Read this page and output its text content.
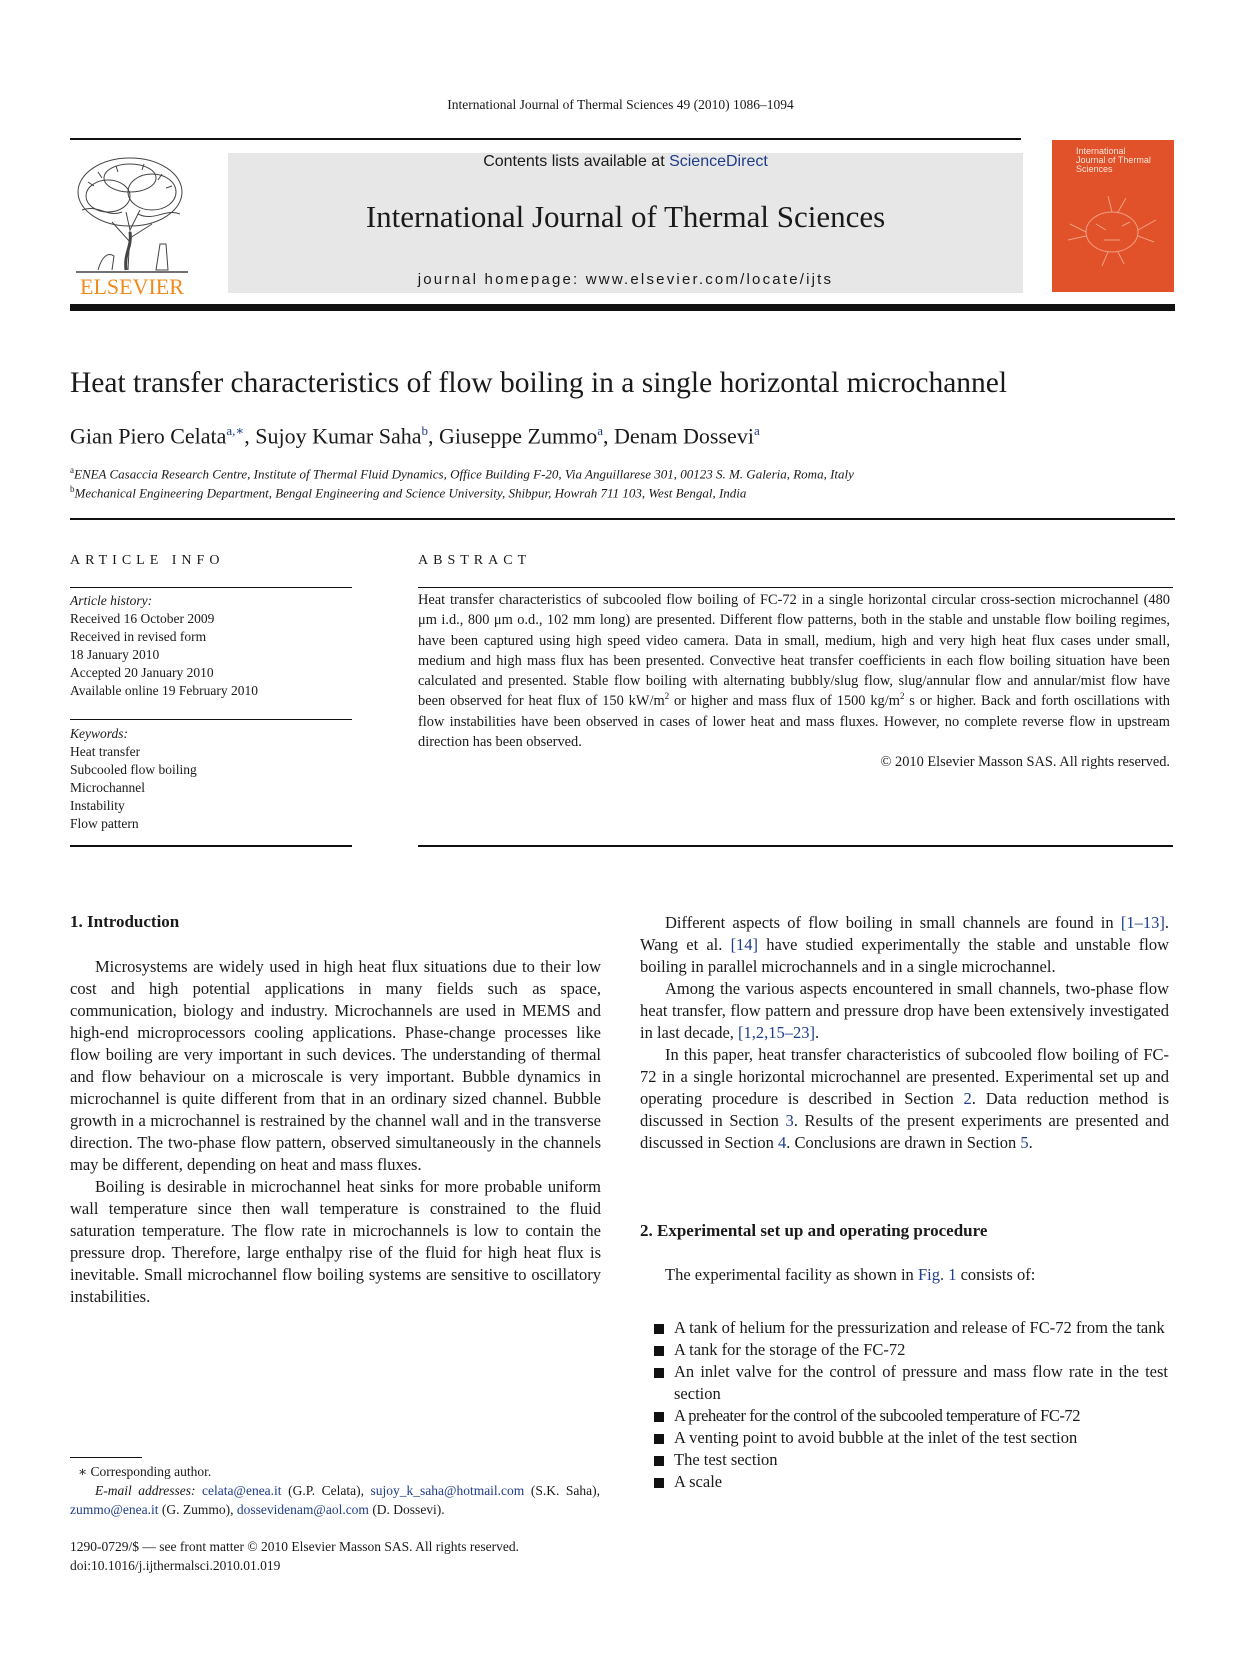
International Journal of Thermal Sciences 49 (2010) 1086–1094
ELSEVIER
Contents lists available at ScienceDirect
International Journal of Thermal Sciences
journal homepage: www.elsevier.com/locate/ijts
International Journal of Thermal Sciences
Heat transfer characteristics of flow boiling in a single horizontal microchannel
Gian Piero Celata$^{a,∗}$, Sujoy Kumar Saha$^b$, Giuseppe Zummo$^a$, Denam Dossevi$^a$
$^a$ENEA Casaccia Research Centre, Institute of Thermal Fluid Dynamics, Office Building F-20, Via Anguillarese 301, 00123 S. M. Galeria, Roma, Italy
$^b$Mechanical Engineering Department, Bengal Engineering and Science University, Shibpur, Howrah 711 103, West Bengal, India
ARTICLE INFO
Article history:
Received 16 October 2009
Received in revised form
18 January 2010
Accepted 20 January 2010
Available online 19 February 2010
Keywords:
Heat transfer
Subcooled flow boiling
Microchannel
Instability
Flow pattern
ABSTRACT
Heat transfer characteristics of subcooled flow boiling of FC-72 in a single horizontal circular cross-section microchannel (480 μm i.d., 800 μm o.d., 102 mm long) are presented. Different flow patterns, both in the stable and unstable flow boiling regimes, have been captured using high speed video camera. Data in small, medium, high and very high heat flux cases under small, medium and high mass flux has been presented. Convective heat transfer coefficients in each flow boiling situation have been calculated and presented. Stable flow boiling with alternating bubbly/slug flow, slug/annular flow and annular/mist flow have been observed for heat flux of 150 $kW/m^2$ or higher and mass flux of 1500 $kg/m^2$ s or higher. Back and forth oscillations with flow instabilities have been observed in cases of lower heat and mass fluxes. However, no complete reverse flow in upstream direction has been observed.
© 2010 Elsevier Masson SAS. All rights reserved.
1. Introduction

Microsystems are widely used in high heat flux situations due to their low cost and high potential applications in many fields such as space, communication, biology and industry. Microchannels are used in MEMS and high-end microprocessors cooling applications. Phase-change processes like flow boiling are very important in such devices. The understanding of thermal and flow behaviour on a microscale is very important. Bubble dynamics in microchannel is quite different from that in an ordinary sized channel. Bubble growth in a microchannel is restrained by the channel wall and in the transverse direction. The two-phase flow pattern, observed simultaneously in the channels may be different, depending on heat and mass fluxes.

Boiling is desirable in microchannel heat sinks for more probable uniform wall temperature since then wall temperature is constrained to the fluid saturation temperature. The flow rate in microchannels is low to contain the pressure drop. Therefore, large enthalpy rise of the fluid for high heat flux is inevitable. Small microchannel flow boiling systems are sensitive to oscillatory instabilities.

Different aspects of flow boiling in small channels are found in [1–13]. Wang et al. [14] have studied experimentally the stable and unstable flow boiling in parallel microchannels and in a single microchannel.

Among the various aspects encountered in small channels, two-phase flow heat transfer, flow pattern and pressure drop have been extensively investigated in last decade, [1,2,15–23].

In this paper, heat transfer characteristics of subcooled flow boiling of FC-72 in a single horizontal microchannel are presented. Experimental set up and operating procedure is described in Section 2. Data reduction method is discussed in Section 3. Results of the present experiments are presented and discussed in Section 4. Conclusions are drawn in Section 5.

2. Experimental set up and operating procedure

The experimental facility as shown in Fig. 1 consists of:

A tank of helium for the pressurization and release of FC-72 from the tank
A tank for the storage of the FC-72
An inlet valve for the control of pressure and mass flow rate in the test section
A preheater for the control of the subcooled temperature of FC-72
A venting point to avoid bubble at the inlet of the test section
The test section
A scale
∗ Corresponding author.
E-mail addresses: celata@enea.it (G.P. Celata), sujoy_k_saha@hotmail.com (S.K. Saha), zummo@enea.it (G. Zummo), dossevidenam@aol.com (D. Dossevi).
1290-0729/$ — see front matter © 2010 Elsevier Masson SAS. All rights reserved.
doi:10.1016/j.ijthermalsci.2010.01.019
